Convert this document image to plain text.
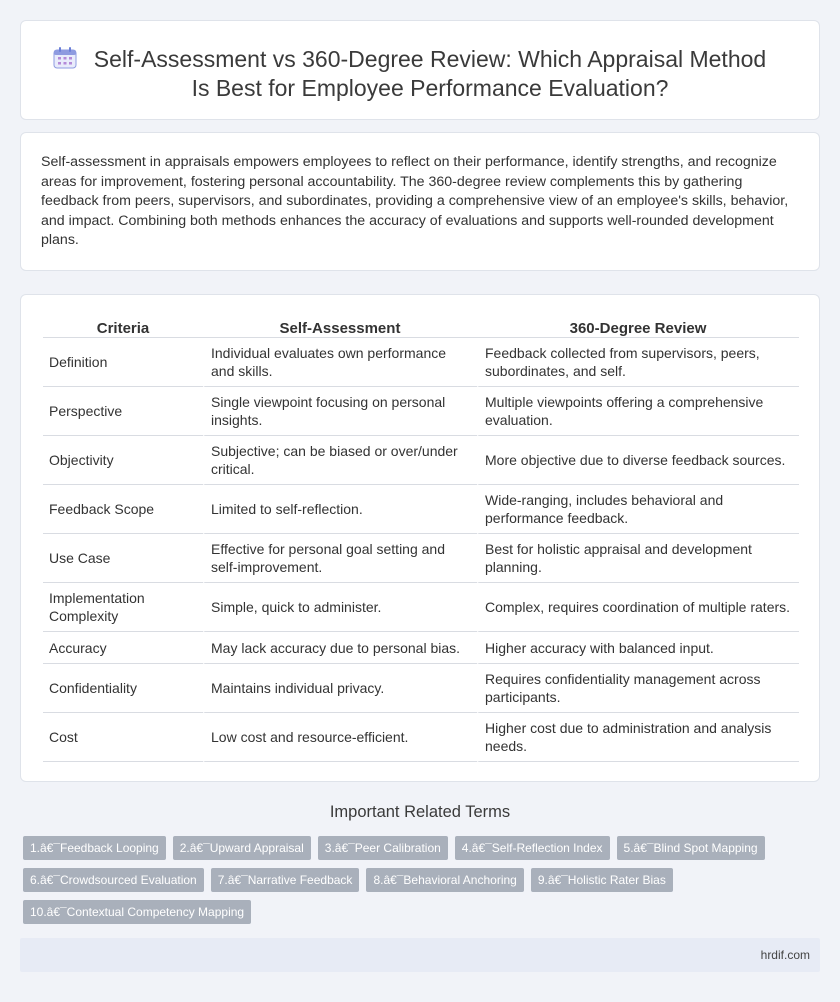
Self-Assessment vs 360-Degree Review: Which Appraisal Method Is Best for Employee Performance Evaluation?

Self-assessment in appraisals empowers employees to reflect on their performance, identify strengths, and recognize areas for improvement, fostering personal accountability. The 360-degree review complements this by gathering feedback from peers, supervisors, and subordinates, providing a comprehensive view of an employee's skills, behavior, and impact. Combining both methods enhances the accuracy of evaluations and supports well-rounded development plans.

Criteria	Self-Assessment	360-Degree Review
Definition	Individual evaluates own performance and skills.	Feedback collected from supervisors, peers, subordinates, and self.
Perspective	Single viewpoint focusing on personal insights.	Multiple viewpoints offering a comprehensive evaluation.
Objectivity	Subjective; can be biased or over/under critical.	More objective due to diverse feedback sources.
Feedback Scope	Limited to self-reflection.	Wide-ranging, includes behavioral and performance feedback.
Use Case	Effective for personal goal setting and self-improvement.	Best for holistic appraisal and development planning.
Implementation Complexity	Simple, quick to administer.	Complex, requires coordination of multiple raters.
Accuracy	May lack accuracy due to personal bias.	Higher accuracy with balanced input.
Confidentiality	Maintains individual privacy.	Requires confidentiality management across participants.
Cost	Low cost and resource-efficient.	Higher cost due to administration and analysis needs.
Important Related Terms
1.â€¯Feedback Looping	2.â€¯Upward Appraisal	3.â€¯Peer Calibration	4.â€¯Self-Reflection Index	5.â€¯Blind Spot Mapping
6.â€¯Crowdsourced Evaluation	7.â€¯Narrative Feedback	8.â€¯Behavioral Anchoring	9.â€¯Holistic Rater Bias
10.â€¯Contextual Competency Mapping
hrdif.com
